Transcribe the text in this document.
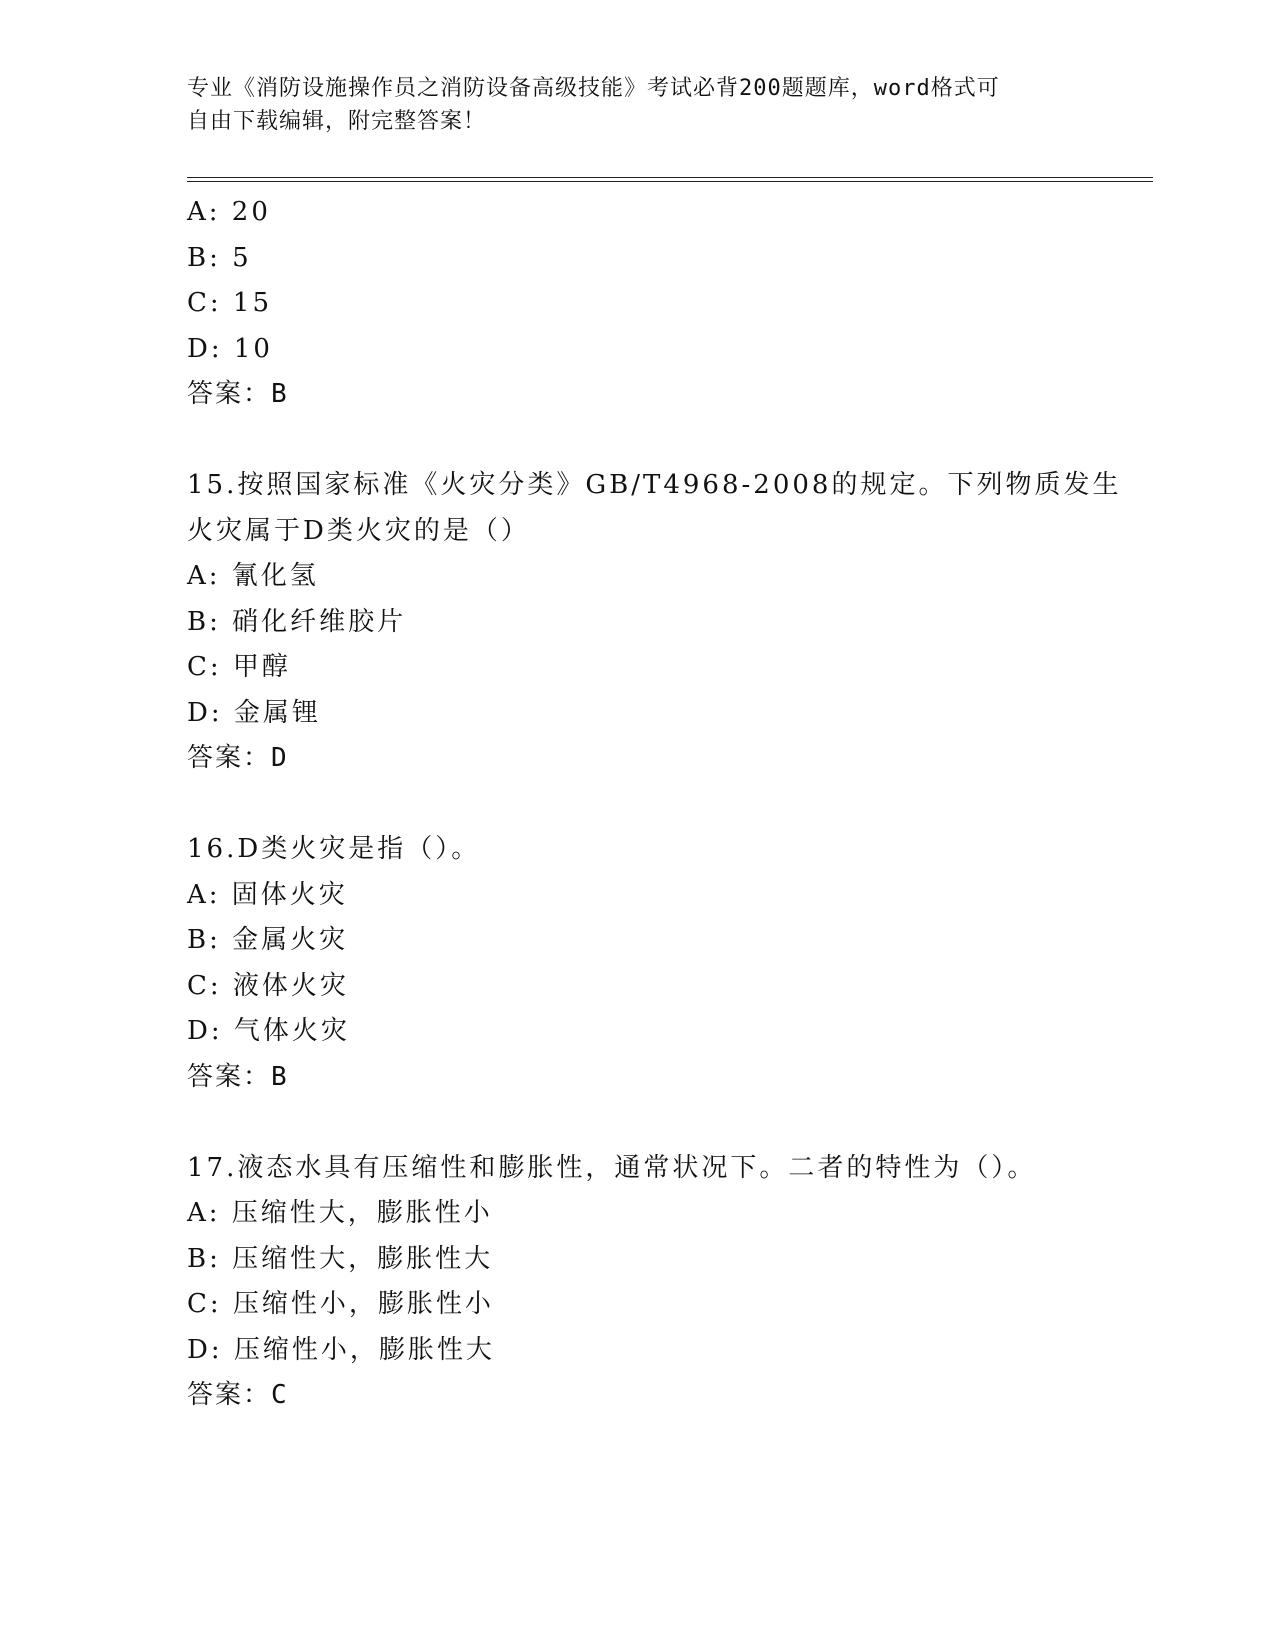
专业《消防设施操作员之消防设备高级技能》考试必背200题题库，word格式可
自由下载编辑，附完整答案！
A: 20
B: 5
C: 15
D: 10
答案：B
15.按照国家标准《火灾分类》GB/T4968-2008的规定。下列物质发生
火灾属于D类火灾的是（）
A: 氰化氢
B: 硝化纤维胶片
C: 甲醇
D: 金属锂
答案：D
16.D类火灾是指（）。
A: 固体火灾
B: 金属火灾
C: 液体火灾
D: 气体火灾
答案：B
17.液态水具有压缩性和膨胀性，通常状况下。二者的特性为（）。
A: 压缩性大，膨胀性小
B: 压缩性大，膨胀性大
C: 压缩性小，膨胀性小
D: 压缩性小，膨胀性大
答案：C
